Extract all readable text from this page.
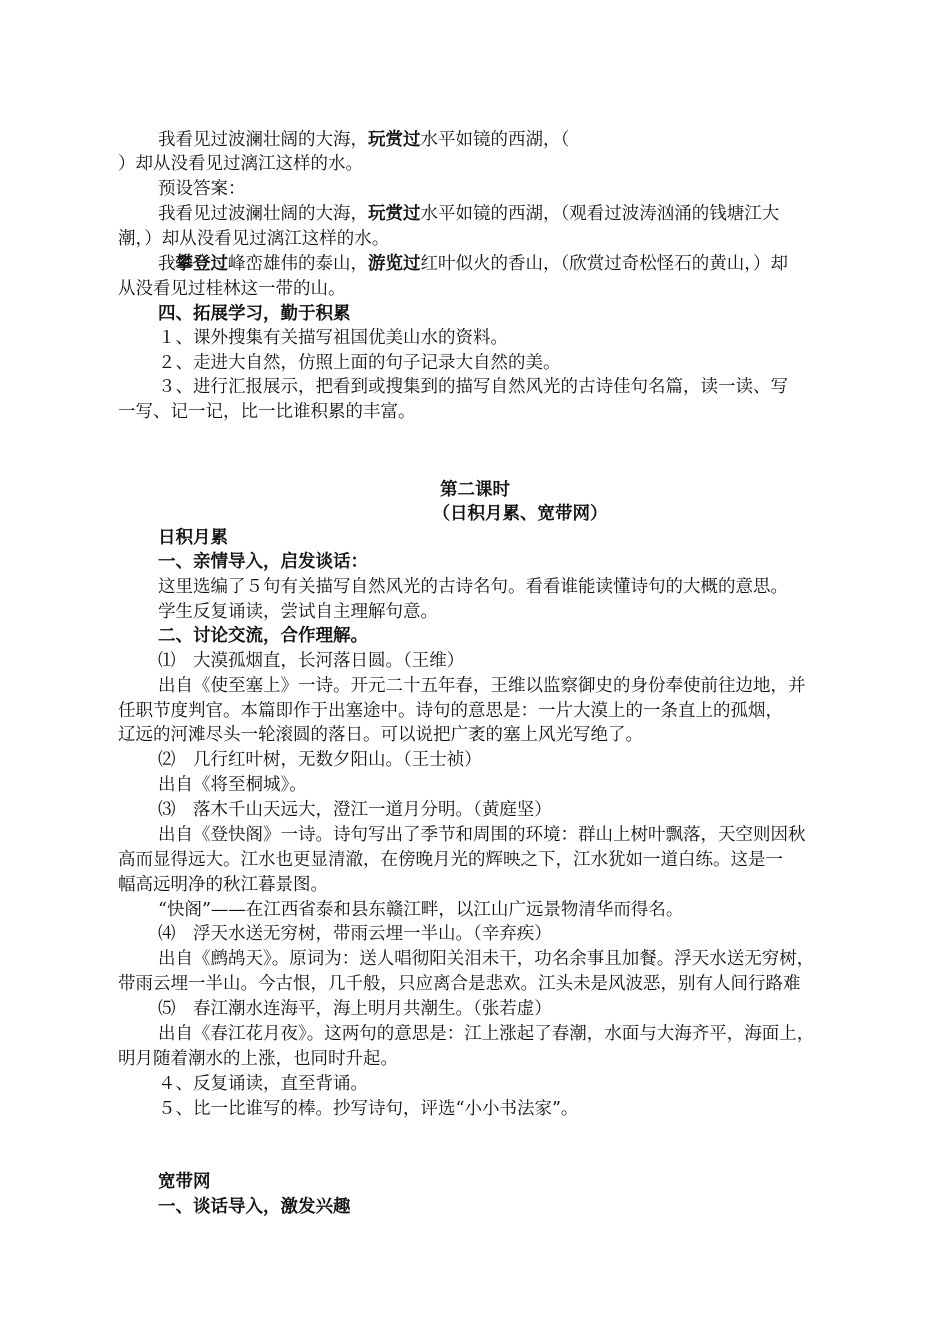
我看见过波澜壮阔的大海，玩赏过水平如镜的西湖，（
）却从没看见过漓江这样的水。
预设答案：
我看见过波澜壮阔的大海，玩赏过水平如镜的西湖，（观看过波涛汹涌的钱塘江大
潮，）却从没看见过漓江这样的水。
我攀登过峰峦雄伟的泰山，游览过红叶似火的香山，（欣赏过奇松怪石的黄山，）却
从没看见过桂林这一带的山。
四、拓展学习，勤于积累
１、课外搜集有关描写祖国优美山水的资料。
２、走进大自然，仿照上面的句子记录大自然的美。
３、进行汇报展示，把看到或搜集到的描写自然风光的古诗佳句名篇，读一读、写
一写、记一记，比一比谁积累的丰富。
第二课时
（日积月累、宽带网）
日积月累
一、亲情导入，启发谈话：
这里选编了５句有关描写自然风光的古诗名句。看看谁能读懂诗句的大概的意思。
学生反复诵读，尝试自主理解句意。
二、讨论交流，合作理解。
⑴　大漠孤烟直，长河落日圆。（王维）
出自《使至塞上》一诗。开元二十五年春，王维以监察御史的身份奉使前往边地，并
任职节度判官。本篇即作于出塞途中。诗句的意思是：一片大漠上的一条直上的孤烟，
辽远的河滩尽头一轮滚圆的落日。可以说把广袤的塞上风光写绝了。
⑵　几行红叶树，无数夕阳山。（王士祯）
出自《将至桐城》。
⑶　落木千山天远大，澄江一道月分明。（黄庭坚）
出自《登快阁》一诗。诗句写出了季节和周围的环境：群山上树叶飘落，天空则因秋
高而显得远大。江水也更显清澈，在傍晚月光的辉映之下，江水犹如一道白练。这是一
幅高远明净的秋江暮景图。
“快阁”——在江西省泰和县东赣江畔，以江山广远景物清华而得名。
⑷　浮天水送无穷树，带雨云埋一半山。（辛弃疾）
出自《鹧鸪天》。原词为：送人唱彻阳关泪未干，功名余事且加餐。浮天水送无穷树，
带雨云埋一半山。今古恨，几千般，只应离合是悲欢。江头未是风波恶，别有人间行路难
⑸　春江潮水连海平，海上明月共潮生。（张若虚）
出自《春江花月夜》。这两句的意思是：江上涨起了春潮，水面与大海齐平，海面上，
明月随着潮水的上涨，也同时升起。
４、反复诵读，直至背诵。
５、比一比谁写的棒。抄写诗句，评选“小小书法家”。
宽带网
一、谈话导入，激发兴趣
